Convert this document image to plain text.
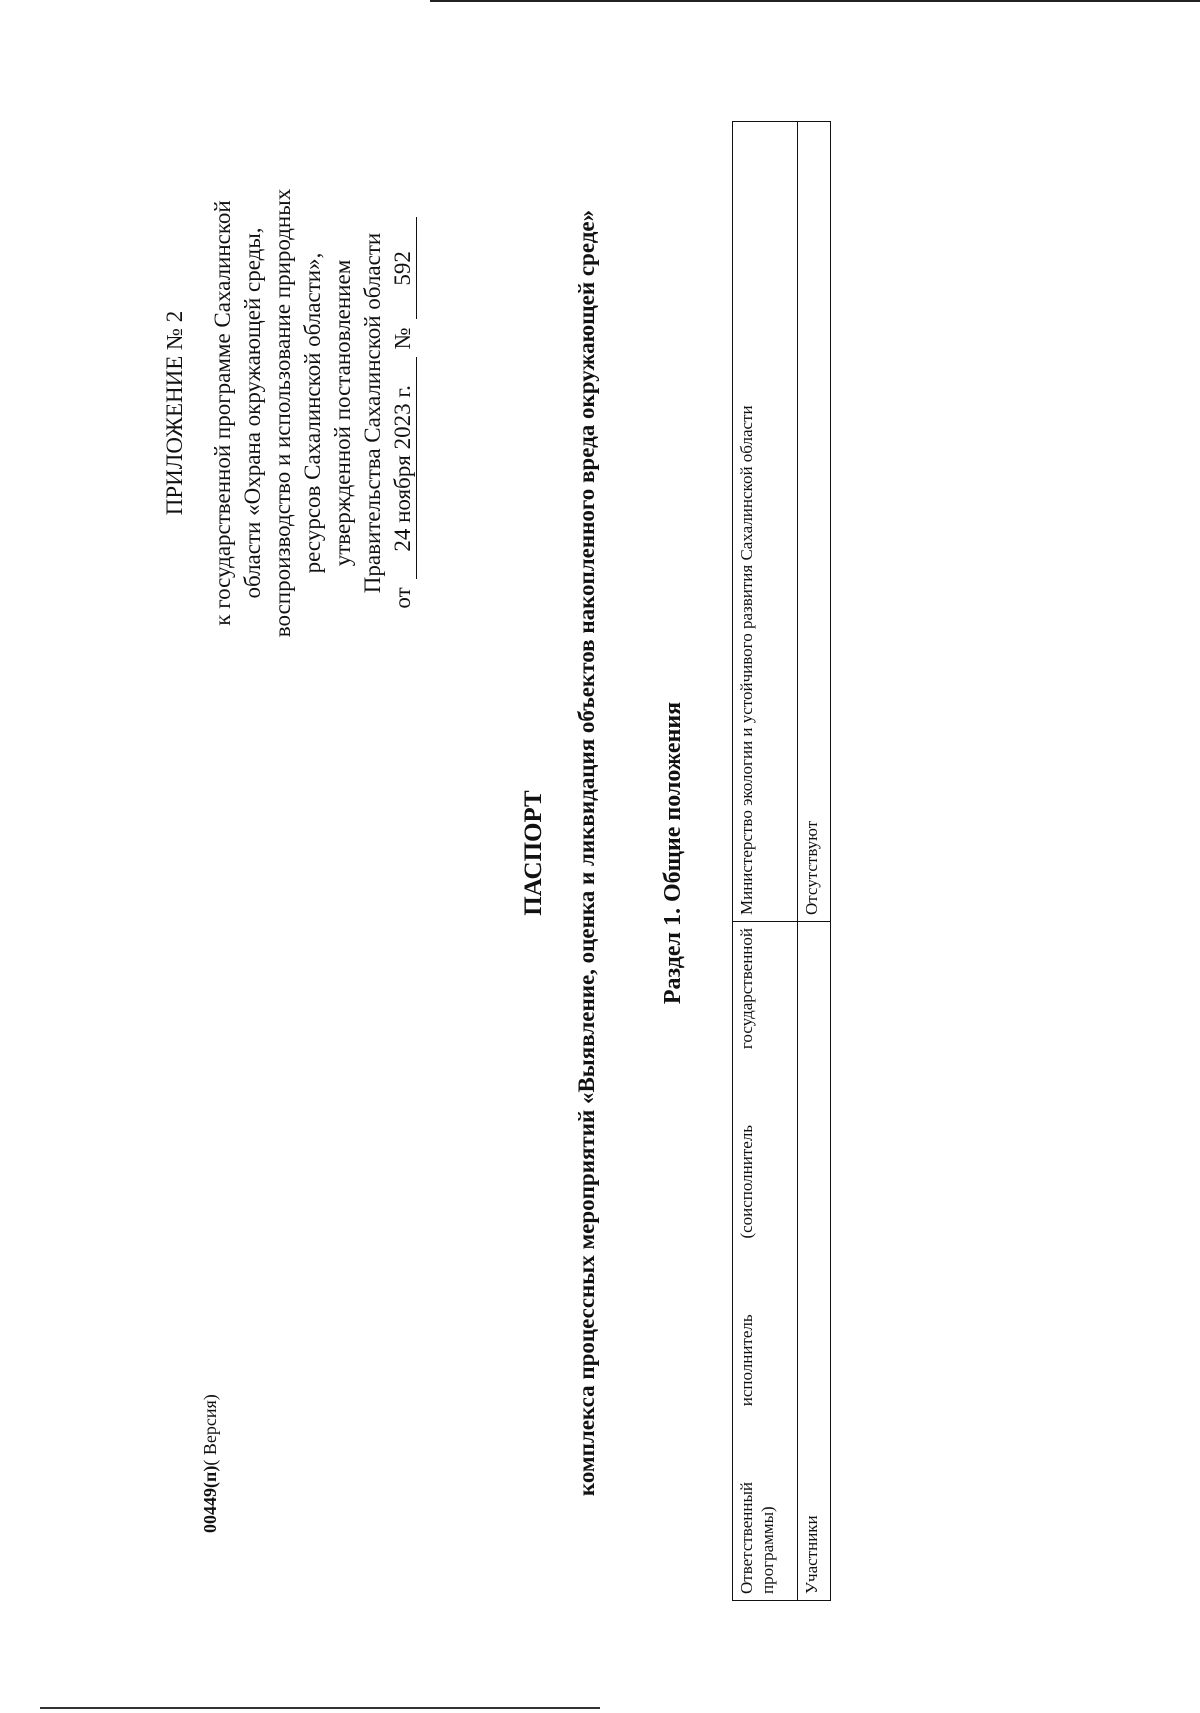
ПРИЛОЖЕНИЕ № 2 к государственной программе Сахалинской области «Охрана окружающей среды, воспроизводство и использование природных ресурсов Сахалинской области», утвержденной постановлением Правительства Сахалинской области
от
24 ноября 2023 г.
№
592
ПАСПОРТ комплекса процессных мероприятий «Выявление, оценка и ликвидация объектов накопленного вреда окружающей среде»	Раздел 1. Общие положения
Ответственный исполнитель (соисполнитель государственной программы)	Министерство экологии и устойчивого развития Сахалинской области

Участники	Отсутствуют
00449(п)( Версия)
